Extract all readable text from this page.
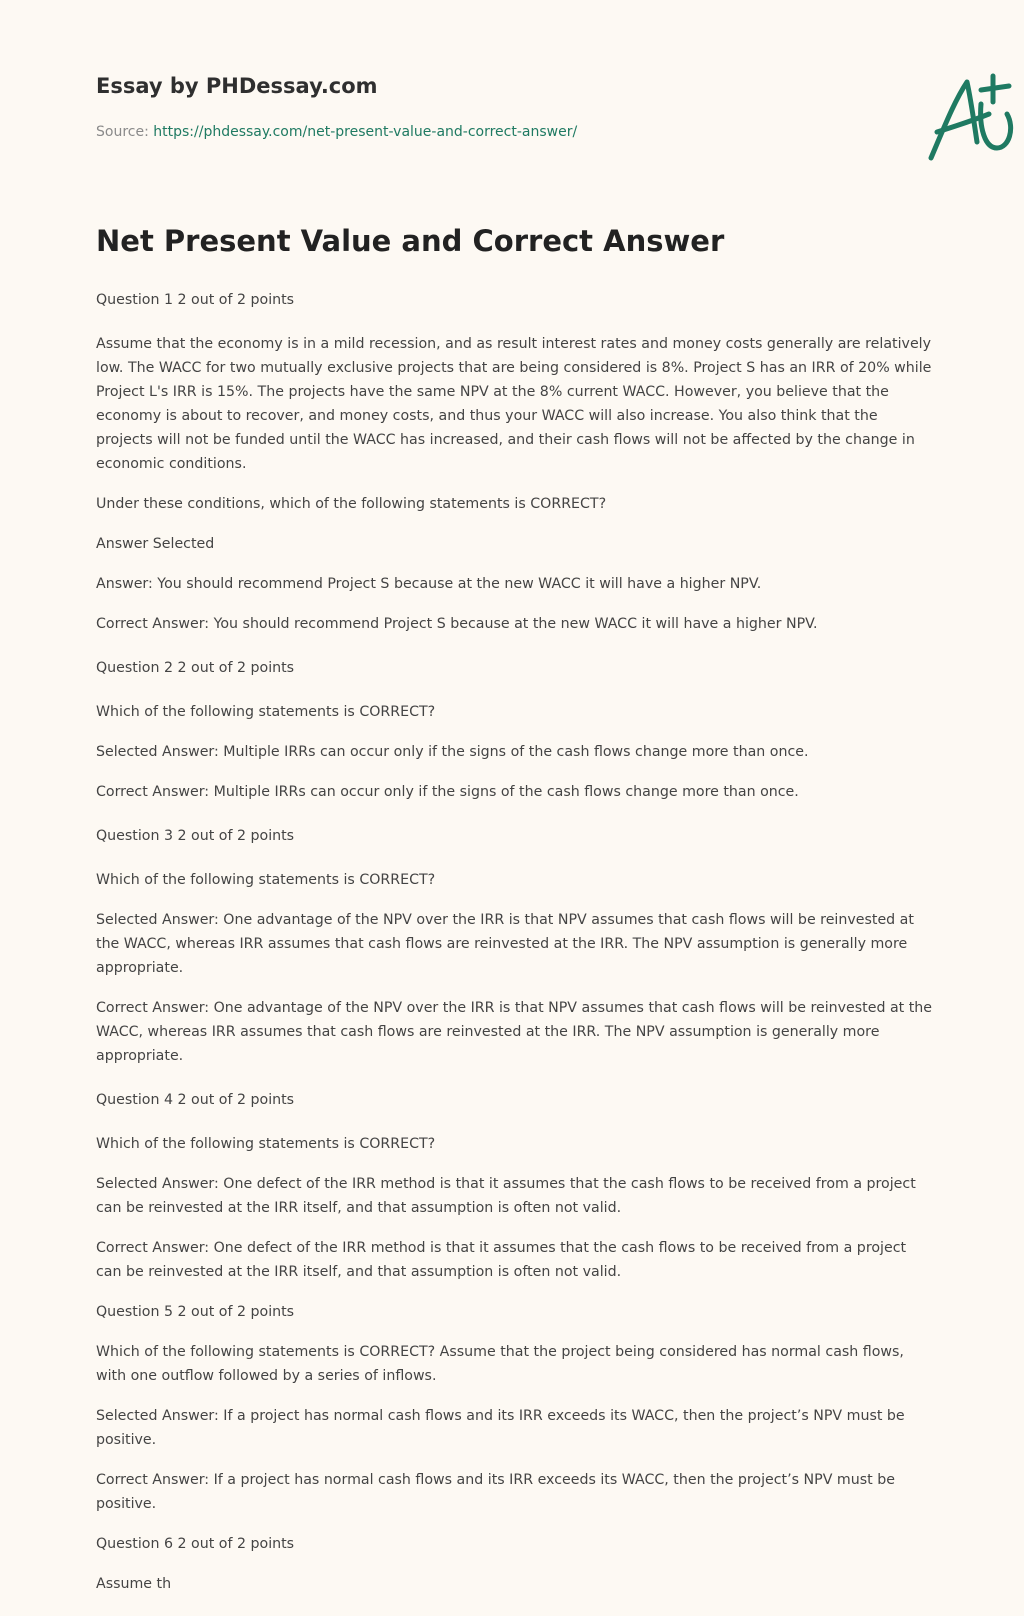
Essay by PHDessay.com
Source: https://phdessay.com/net-present-value-and-correct-answer/
Net Present Value and Correct Answer

Question 1 2 out of 2 points

Assume that the economy is in a mild recession, and as result interest rates and money costs generally are relatively low. The WACC for two mutually exclusive projects that are being considered is 8%. Project S has an IRR of 20% while Project L's IRR is 15%. The projects have the same NPV at the 8% current WACC. However, you believe that the economy is about to recover, and money costs, and thus your WACC will also increase. You also think that the projects will not be funded until the WACC has increased, and their cash flows will not be affected by the change in economic conditions.

Under these conditions, which of the following statements is CORRECT?

Answer Selected

Answer: You should recommend Project S because at the new WACC it will have a higher NPV.

Correct Answer: You should recommend Project S because at the new WACC it will have a higher NPV.

Question 2 2 out of 2 points

Which of the following statements is CORRECT?

Selected Answer: Multiple IRRs can occur only if the signs of the cash flows change more than once.

Correct Answer: Multiple IRRs can occur only if the signs of the cash flows change more than once.

Question 3 2 out of 2 points

Which of the following statements is CORRECT?

Selected Answer: One advantage of the NPV over the IRR is that NPV assumes that cash flows will be reinvested at the WACC, whereas IRR assumes that cash flows are reinvested at the IRR. The NPV assumption is generally more appropriate.

Correct Answer: One advantage of the NPV over the IRR is that NPV assumes that cash flows will be reinvested at the WACC, whereas IRR assumes that cash flows are reinvested at the IRR. The NPV assumption is generally more appropriate.

Question 4 2 out of 2 points

Which of the following statements is CORRECT?

Selected Answer: One defect of the IRR method is that it assumes that the cash flows to be received from a project can be reinvested at the IRR itself, and that assumption is often not valid.

Correct Answer: One defect of the IRR method is that it assumes that the cash flows to be received from a project can be reinvested at the IRR itself, and that assumption is often not valid.

Question 5 2 out of 2 points

Which of the following statements is CORRECT? Assume that the project being considered has normal cash flows, with one outflow followed by a series of inflows.

Selected Answer: If a project has normal cash flows and its IRR exceeds its WACC, then the project’s NPV must be positive.

Correct Answer: If a project has normal cash flows and its IRR exceeds its WACC, then the project’s NPV must be positive.

Question 6 2 out of 2 points

Assume th
